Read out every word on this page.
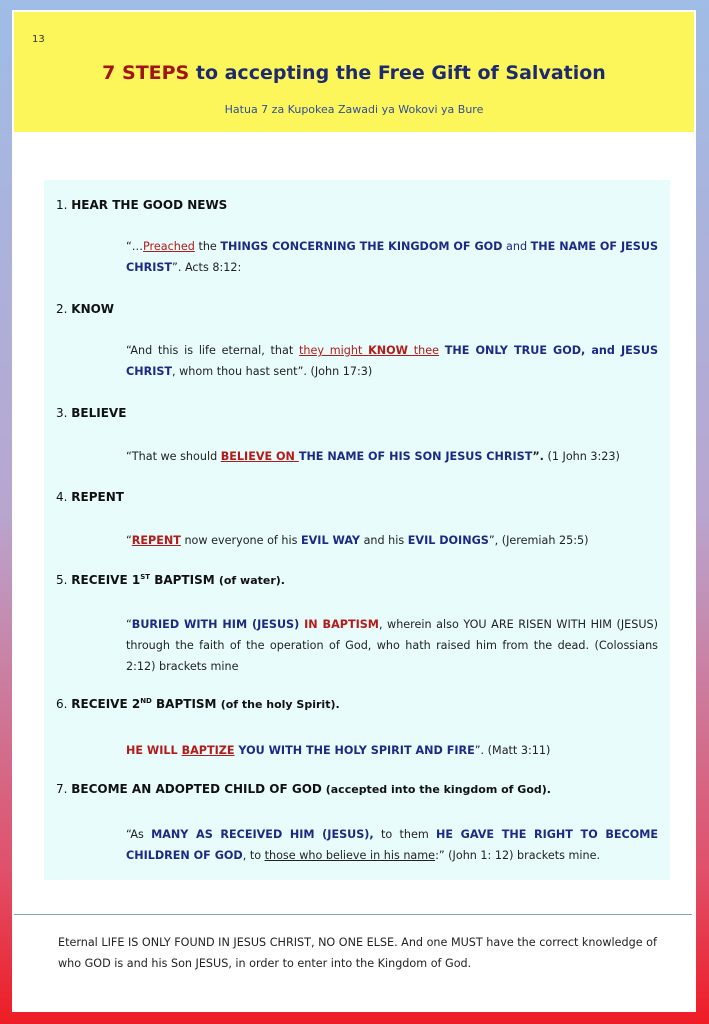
13
7 STEPS to accepting the Free Gift of Salvation
Hatua 7 za Kupokea Zawadi ya Wokovi ya Bure
1. HEAR THE GOOD NEWS
“…Preached the THINGS CONCERNING THE KINGDOM OF GOD and THE NAME OF JESUS CHRIST”. Acts 8:12:
2. KNOW
“And this is life eternal, that they might KNOW thee THE ONLY TRUE GOD, and JESUS CHRIST, whom thou hast sent”. (John 17:3)
3. BELIEVE
“That we should BELIEVE ON THE NAME OF HIS SON JESUS CHRIST”. (1 John 3:23)
4. REPENT
“REPENT now everyone of his EVIL WAY and his EVIL DOINGS”, (Jeremiah 25:5)
5. RECEIVE 1ST BAPTISM (of water).
“BURIED WITH HIM (JESUS) IN BAPTISM, wherein also YOU ARE RISEN WITH HIM (JESUS) through the faith of the operation of God, who hath raised him from the dead. (Colossians 2:12) brackets mine
6. RECEIVE 2ND BAPTISM (of the holy Spirit).
HE WILL BAPTIZE YOU WITH THE HOLY SPIRIT AND FIRE”. (Matt 3:11)
7. BECOME AN ADOPTED CHILD OF GOD (accepted into the kingdom of God).
“As MANY AS RECEIVED HIM (JESUS), to them HE GAVE THE RIGHT TO BECOME CHILDREN OF GOD, to those who believe in his name:” (John 1: 12) brackets mine.
Eternal LIFE IS ONLY FOUND IN JESUS CHRIST, NO ONE ELSE. And one MUST have the correct knowledge of who GOD is and his Son JESUS, in order to enter into the Kingdom of God.
